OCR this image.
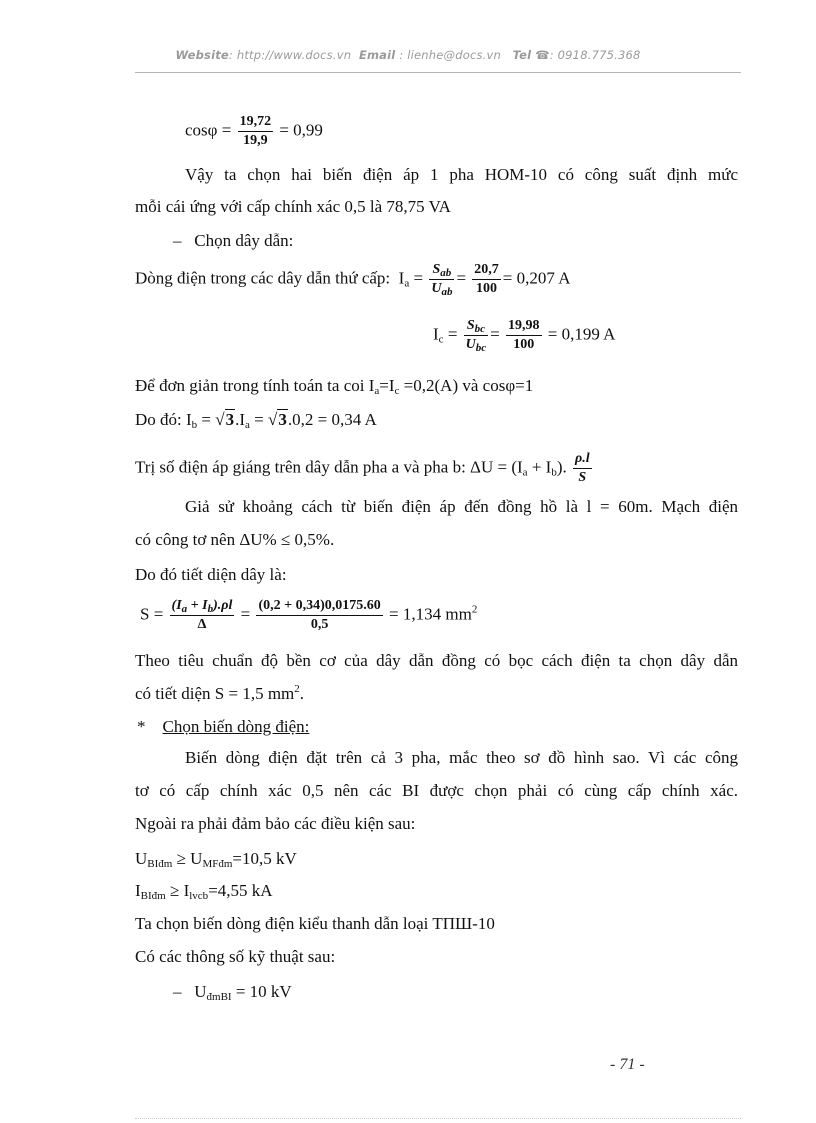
Website: http://www.docs.vn Email : lienhe@docs.vn Tel ☎: 0918.775.368
$\cos\varphi = \frac{19,72}{19,9} = 0,99$
Vậy ta chọn hai biến điện áp 1 pha HOM-10 có công suất định mức
mỗi cái ứng với cấp chính xác 0,5 là 78,75 VA
– Chọn dây dẫn:
Dòng điện trong các dây dẫn thứ cấp: $I_a = \frac{S_{ab}}{U_{ab}} = \frac{20,7}{100} = 0,207$ A
$I_c = \frac{S_{bc}}{U_{bc}} = \frac{19,98}{100} = 0,199$ A
Để đơn giản trong tính toán ta coi $I_a=I_c =0,2(A)$ và cosφ=1
Do đó: $I_b = √3.I_a = √3.0,2 = 0,34$ A
Trị số điện áp giáng trên dây dẫn pha a và pha b: $\Delta U = (I_a + I_b)$. $\frac{\rho.l}{S}$
Giả sử khoảng cách từ biến điện áp đến đồng hồ là l = 60m. Mạch điện
có công tơ nên ΔU% ≤ 0,5%.
Do đó tiết diện dây là:
$S = \frac{(I_a + I_b).\rho l}{\Delta} = \frac{(0,2 + 0,34)0,0175.60}{0,5} = 1,134$ $mm^2$
Theo tiêu chuẩn độ bền cơ của dây dẫn đồng có bọc cách điện ta chọn dây dẫn
có tiết diện S = 1,5 $mm^2$.
* Chọn biến dòng điện:
Biến dòng điện đặt trên cả 3 pha, mắc theo sơ đồ hình sao. Vì các công
tơ có cấp chính xác 0,5 nên các BI được chọn phải có cùng cấp chính xác.
Ngoài ra phải đảm bảo các điều kiện sau:
$U_{BIđm} \ge U_{MFđm}=10,5$ kV
$I_{BIđm} \ge I_{lvcb}=4,55$ kA
Ta chọn biến dòng điện kiểu thanh dẫn loại TПШ-10
Có các thông số kỹ thuật sau:
– $U_{đmBI} = 10$ kV
- 71 -
